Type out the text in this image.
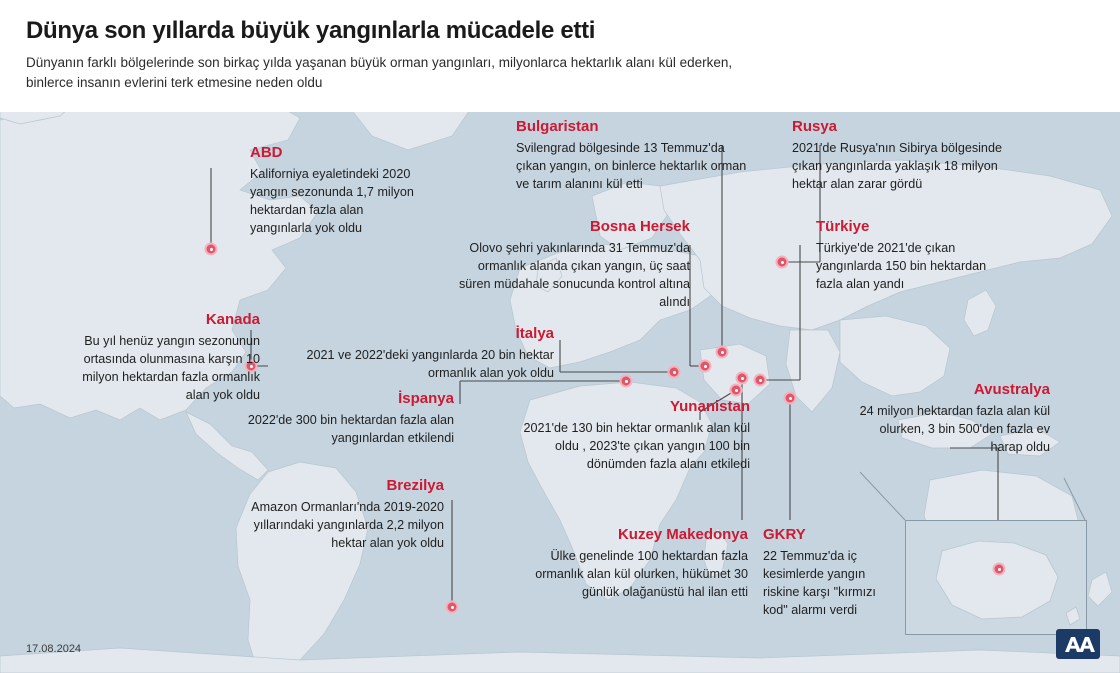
Dünya son yıllarda büyük yangınlarla mücadele etti

Dünyanın farklı bölgelerinde son birkaç yılda yaşanan büyük orman yangınları, milyonlarca hektarlık alanı kül ederken, binlerce insanın evlerini terk etmesine neden oldu

ABD
Kaliforniya eyaletindeki 2020 yangın sezonunda 1,7 milyon hektardan fazla alan yangınlarla yok oldu
Kanada
Bu yıl henüz yangın sezonunun ortasında olunmasına karşın 10 milyon hektardan fazla ormanlık alan yok oldu
Brezilya
Amazon Ormanları'nda 2019-2020 yıllarındaki yangınlarda 2,2 milyon hektar alan yok oldu
İspanya
2022'de 300 bin hektardan fazla alan yangınlardan etkilendi
İtalya
2021 ve 2022'deki yangınlarda 20 bin hektar ormanlık alan yok oldu
Bulgaristan
Svilengrad bölgesinde 13 Temmuz'da çıkan yangın, on binlerce hektarlık orman ve tarım alanını kül etti
Rusya
2021'de Rusya'nın Sibirya bölgesinde çıkan yangınlarda yaklaşık 18 milyon hektar alan zarar gördü
Bosna Hersek
Olovo şehri yakınlarında 31 Temmuz'da ormanlık alanda çıkan yangın, üç saat süren müdahale sonucunda kontrol altına alındı
Türkiye
Türkiye'de 2021'de çıkan yangınlarda 150 bin hektardan fazla alan yandı
Yunanistan
2021'de 130 bin hektar ormanlık alan kül oldu , 2023'te çıkan yangın 100 bin dönümden fazla alanı etkiledi
Kuzey Makedonya
Ülke genelinde 100 hektardan fazla ormanlık alan kül olurken, hükümet 30 günlük olağanüstü hal ilan etti
GKRY
22 Temmuz'da iç kesimlerde yangın riskine karşı "kırmızı kod" alarmı verdi
Avustralya
24 milyon hektardan fazla alan kül olurken, 3 bin 500'den fazla ev harap oldu
17.08.2024
